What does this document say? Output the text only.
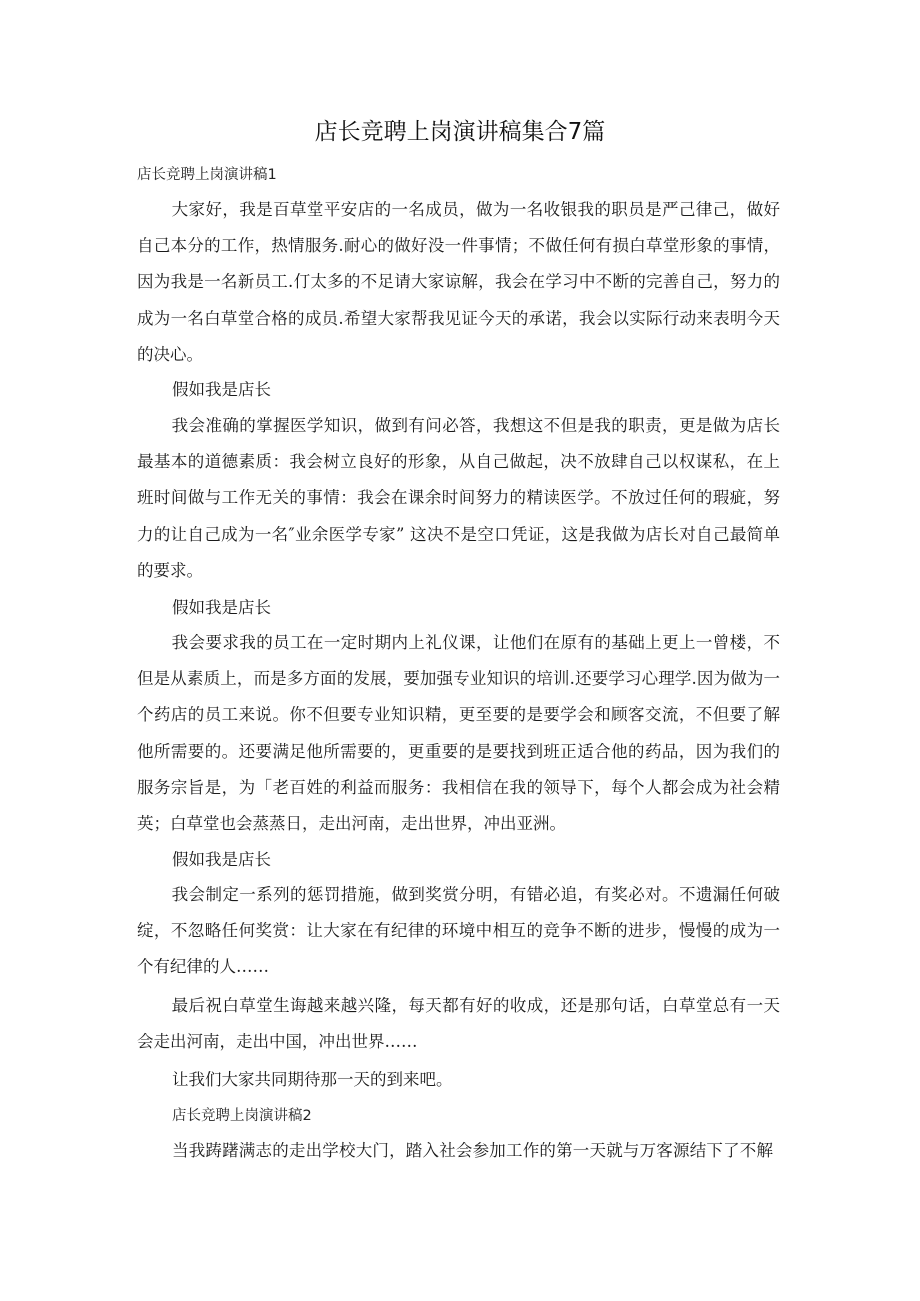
店长竞聘上岗演讲稿集合7篇
店长竞聘上岗演讲稿1

大家好，我是百草堂平安店的一名成员，做为一名收银我的职员是严己律己，做好自己本分的工作，热情服务.耐心的做好没一件事情；不做任何有损白草堂形象的事情，因为我是一名新员工.仃太多的不足请大家谅解，我会在学习中不断的完善自己，努力的成为一名白草堂合格的成员.希望大家帮我见证今天的承诺，我会以实际行动来表明今天的决心。

假如我是店长

我会准确的掌握医学知识，做到有问必答，我想这不但是我的职责，更是做为店长最基本的道德素质：我会树立良好的形象，从自己做起，决不放肆自己以权谋私，在上班时间做与工作无关的事情：我会在课余时间努力的精读医学。不放过任何的瑕疵，努力的让自己成为一名″业余医学专家” 这决不是空口凭证，这是我做为店长对自己最简单的要求。

假如我是店长

我会要求我的员工在一定时期内上礼仪课，让他们在原有的基础上更上一曾楼，不但是从素质上，而是多方面的发展，要加强专业知识的培训.还要学习心理学.因为做为一个药店的员工来说。你不但要专业知识精，更至要的是要学会和顾客交流，不但要了解他所需要的。还要满足他所需要的，更重要的是要找到班正适合他的药品，因为我们的服务宗旨是，为「老百姓的利益而服务：我相信在我的领导下，每个人都会成为社会精英；白草堂也会蒸蒸日，走出河南，走出世界，冲出亚洲。

假如我是店长

我会制定一系列的惩罚措施，做到奖赏分明，有错必追，有奖必对。不遗漏任何破绽，不忽略任何奖赏：让大家在有纪律的环境中相互的竞争不断的进步，慢慢的成为一个有纪律的人……

最后祝白草堂生诲越来越兴隆，每天都有好的收成，还是那句话，白草堂总有一天会走出河南，走出中国，冲出世界……

让我们大家共同期待那一天的到来吧。
店长竞聘上岗演讲稿2
当我踌躇满志的走出学校大门，踏入社会参加工作的第一天就与万客源结下了不解
